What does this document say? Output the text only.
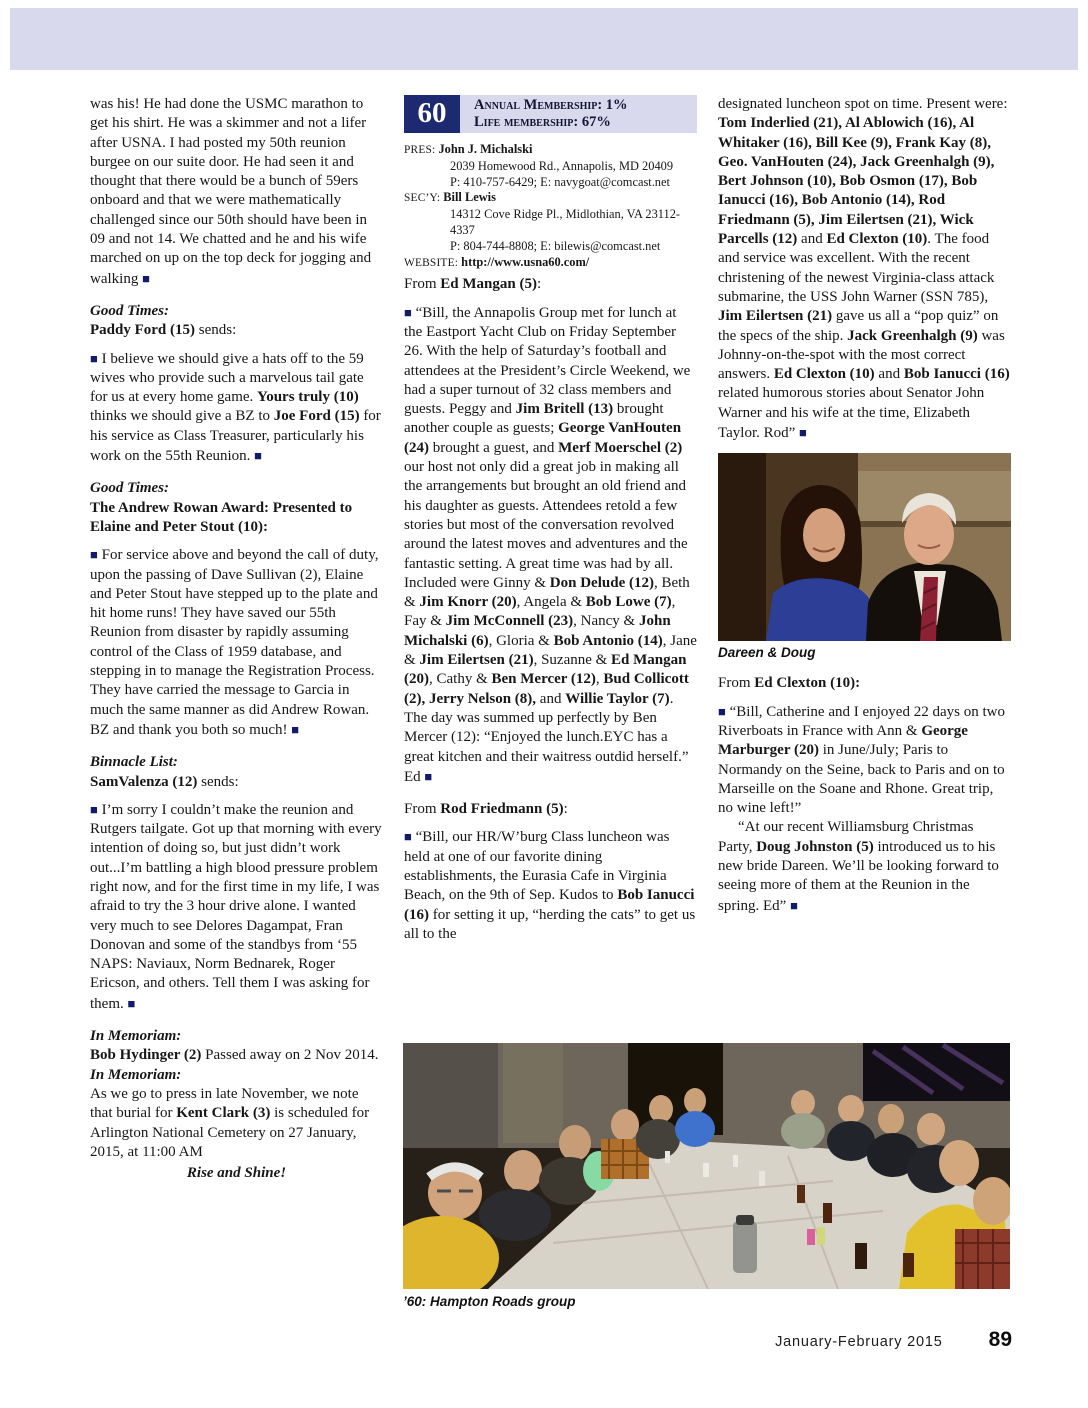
was his! He had done the USMC marathon to get his shirt. He was a skimmer and not a lifer after USNA. I had posted my 50th reunion burgee on our suite door. He had seen it and thought that there would be a bunch of 59ers onboard and that we were mathematically challenged since our 50th should have been in 09 and not 14. We chatted and he and his wife marched on up on the top deck for jogging and walking ■

Good Times:
Paddy Ford (15) sends:

■ I believe we should give a hats off to the 59 wives who provide such a marvelous tail gate for us at every home game. Yours truly (10) thinks we should give a BZ to Joe Ford (15) for his service as Class Treasurer, particularly his work on the 55th Reunion. ■

Good Times:
The Andrew Rowan Award: Presented to Elaine and Peter Stout (10):

■ For service above and beyond the call of duty, upon the passing of Dave Sullivan (2), Elaine and Peter Stout have stepped up to the plate and hit home runs! They have saved our 55th Reunion from disaster by rapidly assuming control of the Class of 1959 database, and stepping in to manage the Registration Process. They have carried the message to Garcia in much the same manner as did Andrew Rowan. BZ and thank you both so much! ■

Binnacle List:
SamValenza (12) sends:

■ I’m sorry I couldn’t make the reunion and Rutgers tailgate. Got up that morning with every intention of doing so, but just didn’t work out...I’m battling a high blood pressure problem right now, and for the first time in my life, I was afraid to try the 3 hour drive alone. I wanted very much to see Delores Dagampat, Fran Donovan and some of the standbys from ‘55 NAPS: Naviaux, Norm Bednarek, Roger Ericson, and others. Tell them I was asking for them. ■

In Memoriam:
Bob Hydinger (2) Passed away on 2 Nov 2014.
In Memoriam:
As we go to press in late November, we note that burial for Kent Clark (3) is scheduled for Arlington National Cemetery on 27 January, 2015, at 11:00 AM

Rise and Shine!

60	Annual Membership: 1%
Life membership: 67%
PRES: John J. Michalski
2039 Homewood Rd., Annapolis, MD 20409
P: 410-757-6429; E: navygoat@comcast.net
SEC’Y: Bill Lewis
14312 Cove Ridge Pl., Midlothian, VA 23112-4337
P: 804-744-8808; E: bilewis@comcast.net
WEBSITE: http://www.usna60.com/

From Ed Mangan (5):

■ “Bill, the Annapolis Group met for lunch at the Eastport Yacht Club on Friday September 26. With the help of Saturday’s football and attendees at the President’s Circle Weekend, we had a super turnout of 32 class members and guests. Peggy and Jim Britell (13) brought another couple as guests; George VanHouten (24) brought a guest, and Merf Moerschel (2) our host not only did a great job in making all the arrangements but brought an old friend and his daughter as guests. Attendees retold a few stories but most of the conversation revolved around the latest moves and adventures and the fantastic setting. A great time was had by all. Included were Ginny & Don Delude (12), Beth & Jim Knorr (20), Angela & Bob Lowe (7), Fay & Jim McConnell (23), Nancy & John Michalski (6), Gloria & Bob Antonio (14), Jane & Jim Eilertsen (21), Suzanne & Ed Mangan (20), Cathy & Ben Mercer (12), Bud Collicott (2), Jerry Nelson (8), and Willie Taylor (7). The day was summed up perfectly by Ben Mercer (12): “Enjoyed the lunch.EYC has a great kitchen and their waitress outdid herself.” Ed ■

From Rod Friedmann (5):

■ “Bill, our HR/W’burg Class luncheon was held at one of our favorite dining establishments, the Eurasia Cafe in Virginia Beach, on the 9th of Sep. Kudos to Bob Ianucci (16) for setting it up, “herding the cats” to get us all to the

designated luncheon spot on time. Present were: Tom Inderlied (21), Al Ablowich (16), Al Whitaker (16), Bill Kee (9), Frank Kay (8), Geo. VanHouten (24), Jack Greenhalgh (9), Bert Johnson (10), Bob Osmon (17), Bob Ianucci (16), Bob Antonio (14), Rod Friedmann (5), Jim Eilertsen (21), Wick Parcells (12) and Ed Clexton (10). The food and service was excellent. With the recent christening of the newest Virginia-class attack submarine, the USS John Warner (SSN 785), Jim Eilertsen (21) gave us all a “pop quiz” on the specs of the ship. Jack Greenhalgh (9) was Johnny-on-the-spot with the most correct answers. Ed Clexton (10) and Bob Ianucci (16) related humorous stories about Senator John Warner and his wife at the time, Elizabeth Taylor. Rod” ■

Dareen & Doug

From Ed Clexton (10):

■ “Bill, Catherine and I enjoyed 22 days on two Riverboats in France with Ann & George Marburger (20) in June/July; Paris to Normandy on the Seine, back to Paris and on to Marseille on the Soane and Rhone. Great trip, no wine left!”

“At our recent Williamsburg Christmas Party, Doug Johnston (5) introduced us to his new bride Dareen. We’ll be looking forward to seeing more of them at the Reunion in the spring. Ed” ■

’60: Hampton Roads group
January-February 2015 89
